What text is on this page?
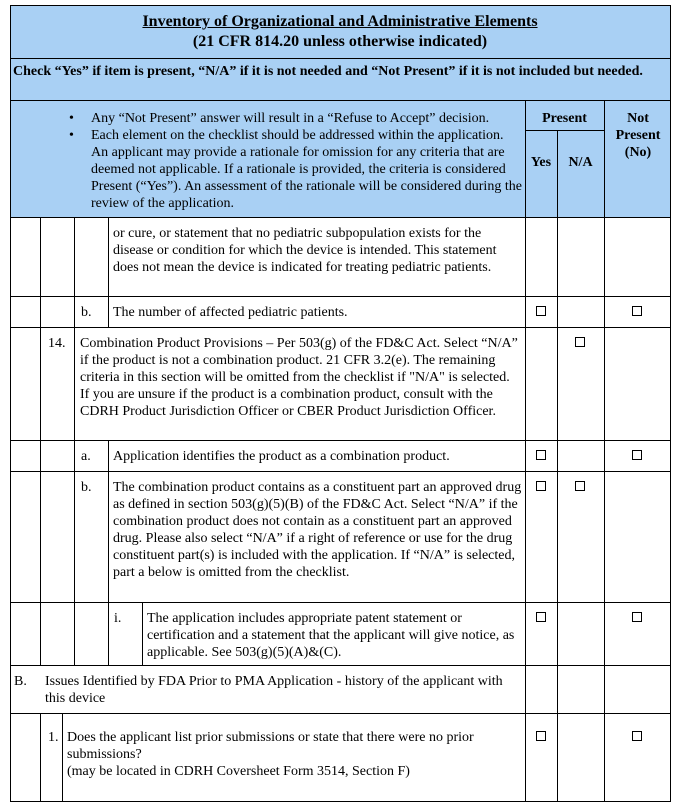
Inventory of Organizational and Administrative Elements
(21 CFR 814.20 unless otherwise indicated)
Check “Yes” if item is present, “N/A” if it is not needed and “Not Present” if it is not included but needed.
• Any “Not Present” answer will result in a “Refuse to Accept” decision.
• Each element on the checklist should be addressed within the application. An applicant may provide a rationale for omission for any criteria that are deemed not applicable. If a rationale is provided, the criteria is considered Present (“Yes”). An assessment of the rationale will be considered during the review of the application.
Present
Yes	N/A
Not Present (No)
or cure, or statement that no pediatric subpopulation exists for the disease or condition for which the device is intended. This statement does not mean the device is indicated for treating pediatric patients.
b. The number of affected pediatric patients.
14. Combination Product Provisions – Per 503(g) of the FD&C Act. Select “N/A” if the product is not a combination product. 21 CFR 3.2(e). The remaining criteria in this section will be omitted from the checklist if "N/A" is selected. If you are unsure if the product is a combination product, consult with the CDRH Product Jurisdiction Officer or CBER Product Jurisdiction Officer.
a. Application identifies the product as a combination product.
b. The combination product contains as a constituent part an approved drug as defined in section 503(g)(5)(B) of the FD&C Act. Select “N/A” if the combination product does not contain as a constituent part an approved drug. Please also select “N/A” if a right of reference or use for the drug constituent part(s) is included with the application. If “N/A” is selected, part a below is omitted from the checklist.
i. The application includes appropriate patent statement or certification and a statement that the applicant will give notice, as applicable. See 503(g)(5)(A)&(C).
B. Issues Identified by FDA Prior to PMA Application - history of the applicant with this device
1. Does the applicant list prior submissions or state that there were no prior submissions?
(may be located in CDRH Coversheet Form 3514, Section F)
